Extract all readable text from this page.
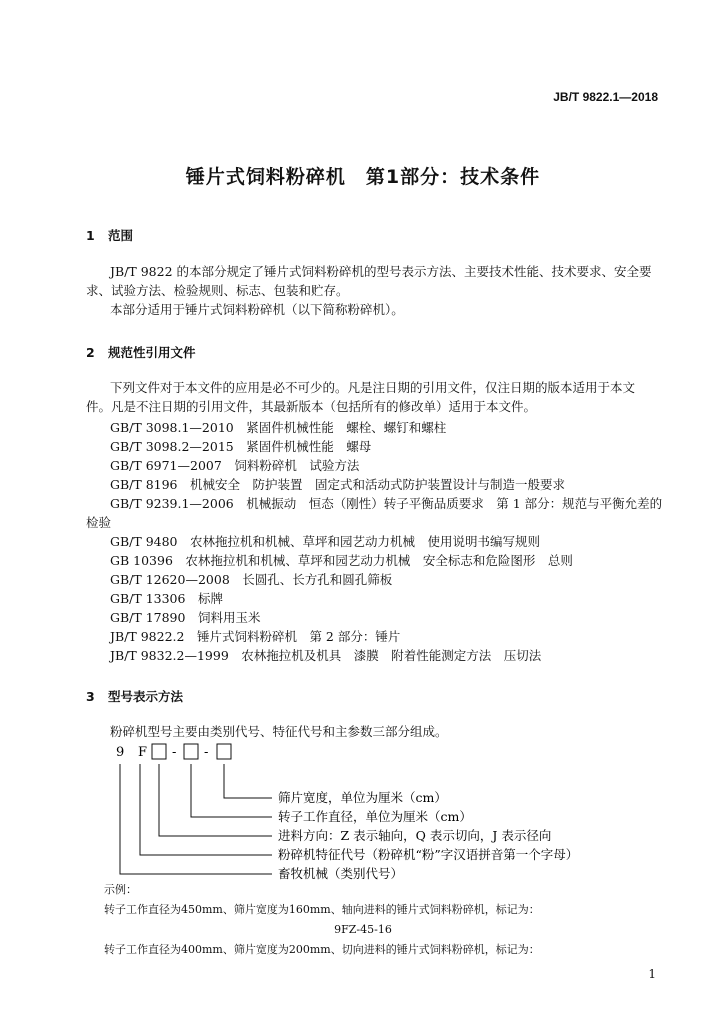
JB/T 9822.1—2018
锤片式饲料粉碎机　第1部分：技术条件
1 范围
JB/T 9822 的本部分规定了锤片式饲料粉碎机的型号表示方法、主要技术性能、技术要求、安全要
求、试验方法、检验规则、标志、包装和贮存。
本部分适用于锤片式饲料粉碎机（以下简称粉碎机）。
2 规范性引用文件
下列文件对于本文件的应用是必不可少的。凡是注日期的引用文件，仅注日期的版本适用于本文
件。凡是不注日期的引用文件，其最新版本（包括所有的修改单）适用于本文件。
GB/T 3098.1—2010　紧固件机械性能　螺栓、螺钉和螺柱
GB/T 3098.2—2015　紧固件机械性能　螺母
GB/T 6971—2007　饲料粉碎机　试验方法
GB/T 8196　机械安全　防护装置　固定式和活动式防护装置设计与制造一般要求
GB/T 9239.1—2006　机械振动　恒态（刚性）转子平衡品质要求　第 1 部分：规范与平衡允差的
检验
GB/T 9480　农林拖拉机和机械、草坪和园艺动力机械　使用说明书编写规则
GB 10396　农林拖拉机和机械、草坪和园艺动力机械　安全标志和危险图形　总则
GB/T 12620—2008　长圆孔、长方孔和圆孔筛板
GB/T 13306　标牌
GB/T 17890　饲料用玉米
JB/T 9822.2　锤片式饲料粉碎机　第 2 部分：锤片
JB/T 9832.2—1999　农林拖拉机及机具　漆膜　附着性能测定方法　压切法
3 型号表示方法
粉碎机型号主要由类别代号、特征代号和主参数三部分组成。
9 F - -
筛片宽度，单位为厘米（cm）
转子工作直径，单位为厘米（cm）
进料方向：Z 表示轴向，Q 表示切向，J 表示径向
粉碎机特征代号（粉碎机“粉”字汉语拼音第一个字母）
畜牧机械（类别代号）
示例：
转子工作直径为450mm、筛片宽度为160mm、轴向进料的锤片式饲料粉碎机，标记为：
9FZ-45-16
转子工作直径为400mm、筛片宽度为200mm、切向进料的锤片式饲料粉碎机，标记为：
1
